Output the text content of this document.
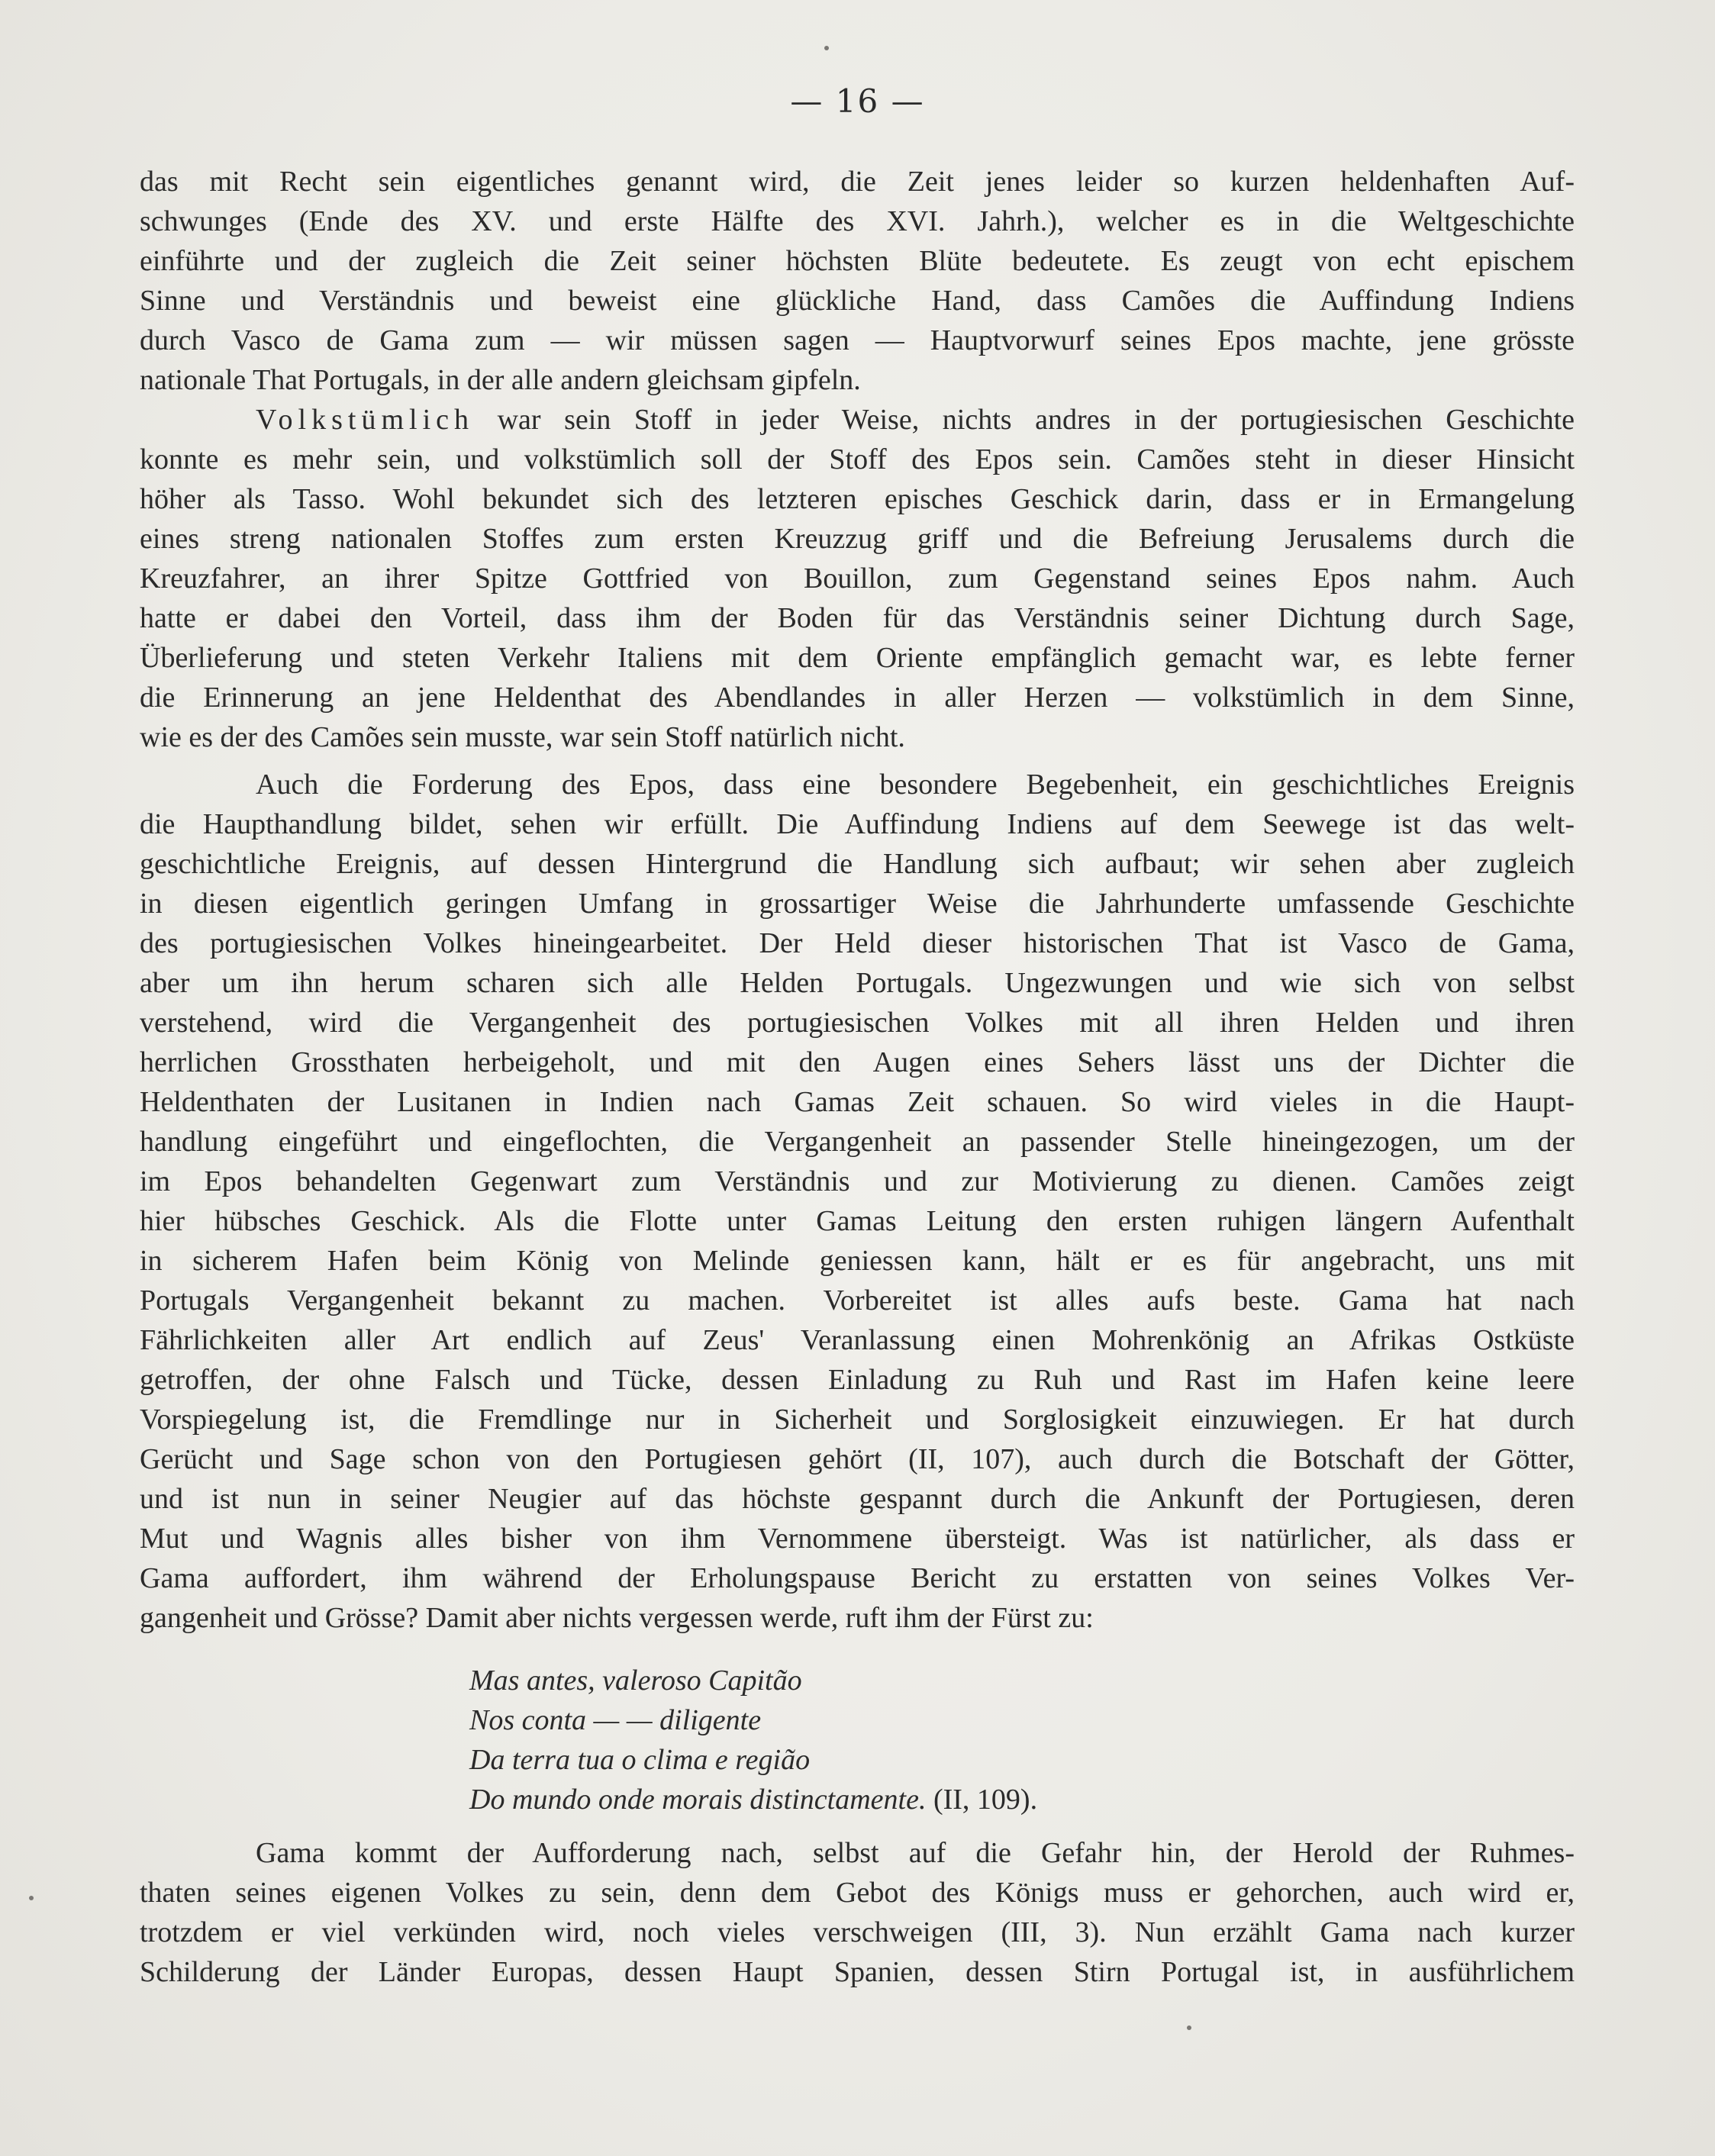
— 16 —
das mit Recht sein eigentliches genannt wird, die Zeit jenes leider so kurzen heldenhaften Auf-
schwunges (Ende des XV. und erste Hälfte des XVI. Jahrh.), welcher es in die Weltgeschichte
einführte und der zugleich die Zeit seiner höchsten Blüte bedeutete. Es zeugt von echt epischem
Sinne und Verständnis und beweist eine glückliche Hand, dass Camões die Auffindung Indiens
durch Vasco de Gama zum — wir müssen sagen — Hauptvorwurf seines Epos machte, jene grösste
nationale That Portugals, in der alle andern gleichsam gipfeln.
Volkstümlich war sein Stoff in jeder Weise, nichts andres in der portugiesischen Geschichte
konnte es mehr sein, und volkstümlich soll der Stoff des Epos sein. Camões steht in dieser Hinsicht
höher als Tasso. Wohl bekundet sich des letzteren episches Geschick darin, dass er in Ermangelung
eines streng nationalen Stoffes zum ersten Kreuzzug griff und die Befreiung Jerusalems durch die
Kreuzfahrer, an ihrer Spitze Gottfried von Bouillon, zum Gegenstand seines Epos nahm. Auch
hatte er dabei den Vorteil, dass ihm der Boden für das Verständnis seiner Dichtung durch Sage,
Überlieferung und steten Verkehr Italiens mit dem Oriente empfänglich gemacht war, es lebte ferner
die Erinnerung an jene Heldenthat des Abendlandes in aller Herzen — volkstümlich in dem Sinne,
wie es der des Camões sein musste, war sein Stoff natürlich nicht.
Auch die Forderung des Epos, dass eine besondere Begebenheit, ein geschichtliches Ereignis
die Haupthandlung bildet, sehen wir erfüllt. Die Auffindung Indiens auf dem Seewege ist das welt-
geschichtliche Ereignis, auf dessen Hintergrund die Handlung sich aufbaut; wir sehen aber zugleich
in diesen eigentlich geringen Umfang in grossartiger Weise die Jahrhunderte umfassende Geschichte
des portugiesischen Volkes hineingearbeitet. Der Held dieser historischen That ist Vasco de Gama,
aber um ihn herum scharen sich alle Helden Portugals. Ungezwungen und wie sich von selbst
verstehend, wird die Vergangenheit des portugiesischen Volkes mit all ihren Helden und ihren
herrlichen Grossthaten herbeigeholt, und mit den Augen eines Sehers lässt uns der Dichter die
Heldenthaten der Lusitanen in Indien nach Gamas Zeit schauen. So wird vieles in die Haupt-
handlung eingeführt und eingeflochten, die Vergangenheit an passender Stelle hineingezogen, um der
im Epos behandelten Gegenwart zum Verständnis und zur Motivierung zu dienen. Camões zeigt
hier hübsches Geschick. Als die Flotte unter Gamas Leitung den ersten ruhigen längern Aufenthalt
in sicherem Hafen beim König von Melinde geniessen kann, hält er es für angebracht, uns mit
Portugals Vergangenheit bekannt zu machen. Vorbereitet ist alles aufs beste. Gama hat nach
Fährlichkeiten aller Art endlich auf Zeus' Veranlassung einen Mohrenkönig an Afrikas Ostküste
getroffen, der ohne Falsch und Tücke, dessen Einladung zu Ruh und Rast im Hafen keine leere
Vorspiegelung ist, die Fremdlinge nur in Sicherheit und Sorglosigkeit einzuwiegen. Er hat durch
Gerücht und Sage schon von den Portugiesen gehört (II, 107), auch durch die Botschaft der Götter,
und ist nun in seiner Neugier auf das höchste gespannt durch die Ankunft der Portugiesen, deren
Mut und Wagnis alles bisher von ihm Vernommene übersteigt. Was ist natürlicher, als dass er
Gama auffordert, ihm während der Erholungspause Bericht zu erstatten von seines Volkes Ver-
gangenheit und Grösse? Damit aber nichts vergessen werde, ruft ihm der Fürst zu:
Mas antes, valeroso Capitão
Nos conta — — diligente
Da terra tua o clima e região
Do mundo onde morais distinctamente. (II, 109).
Gama kommt der Aufforderung nach, selbst auf die Gefahr hin, der Herold der Ruhmes-
thaten seines eigenen Volkes zu sein, denn dem Gebot des Königs muss er gehorchen, auch wird er,
trotzdem er viel verkünden wird, noch vieles verschweigen (III, 3). Nun erzählt Gama nach kurzer
Schilderung der Länder Europas, dessen Haupt Spanien, dessen Stirn Portugal ist, in ausführlichem
